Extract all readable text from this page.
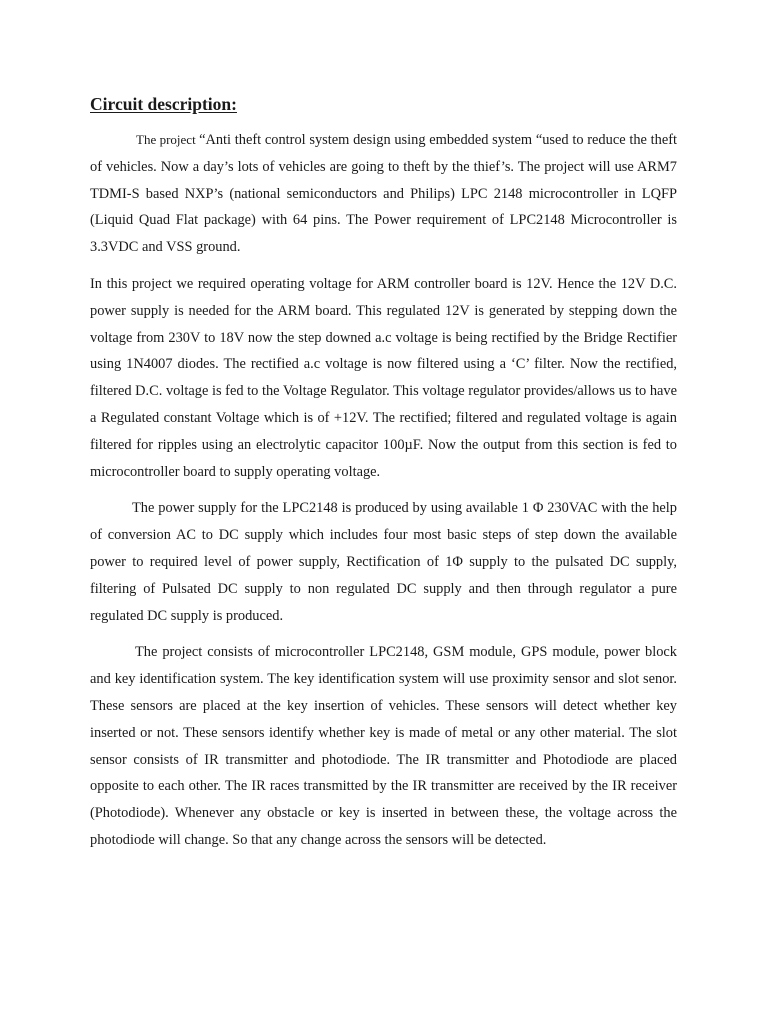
Circuit description:

The project “Anti theft control system design using embedded system “used to reduce the theft of vehicles. Now a day’s lots of vehicles are going to theft by the thief’s. The project will use ARM7 TDMI-S based NXP’s (national semiconductors and Philips) LPC 2148 microcontroller in LQFP (Liquid Quad Flat package) with 64 pins. The Power requirement of LPC2148 Microcontroller is 3.3VDC and VSS ground.

In this project we required operating voltage for ARM controller board is 12V. Hence the 12V D.C. power supply is needed for the ARM board. This regulated 12V is generated by stepping down the voltage from 230V to 18V now the step downed a.c voltage is being rectified by the Bridge Rectifier using 1N4007 diodes. The rectified a.c voltage is now filtered using a ‘C’ filter. Now the rectified, filtered D.C. voltage is fed to the Voltage Regulator. This voltage regulator provides/allows us to have a Regulated constant Voltage which is of +12V. The rectified; filtered and regulated voltage is again filtered for ripples using an electrolytic capacitor 100µF. Now the output from this section is fed to microcontroller board to supply operating voltage.

The power supply for the LPC2148 is produced by using available 1 Φ 230VAC with the help of conversion AC to DC supply which includes four most basic steps of step down the available power to required level of power supply, Rectification of 1Φ supply to the pulsated DC supply, filtering of Pulsated DC supply to non regulated DC supply and then through regulator a pure regulated DC supply is produced.

The project consists of microcontroller LPC2148, GSM module, GPS module, power block and key identification system. The key identification system will use proximity sensor and slot senor. These sensors are placed at the key insertion of vehicles. These sensors will detect whether key inserted or not. These sensors identify whether key is made of metal or any other material. The slot sensor consists of IR transmitter and photodiode. The IR transmitter and Photodiode are placed opposite to each other. The IR races transmitted by the IR transmitter are received by the IR receiver (Photodiode). Whenever any obstacle or key is inserted in between these, the voltage across the photodiode will change. So that any change across the sensors will be detected.
